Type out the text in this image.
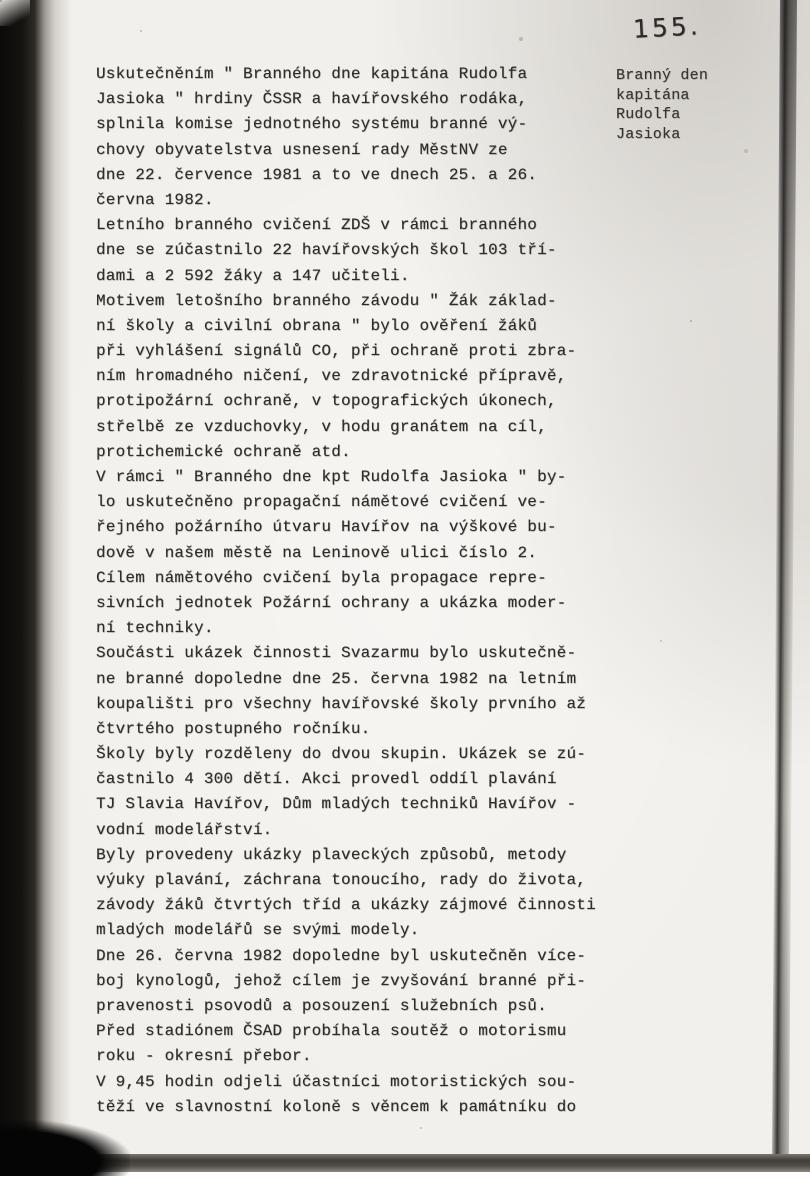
155.
Uskutečněním " Branného dne kapitána Rudolfa
Jasioka " hrdiny ČSSR a havířovského rodáka,
splnila komise jednotného systému branné vý-
chovy obyvatelstva usnesení rady MěstNV ze
dne 22. července 1981 a to ve dnech 25. a 26.
června 1982.
Letního branného cvičení ZDŠ v rámci branného
dne se zúčastnilo 22 havířovských škol 103 tří-
dami a 2 592 žáky a 147 učiteli.
Motivem letošního branného závodu " Žák základ-
ní školy a civilní obrana " bylo ověření žáků
při vyhlášení signálů CO, při ochraně proti zbra-
ním hromadného ničení, ve zdravotnické přípravě,
protipožární ochraně, v topografických úkonech,
střelbě ze vzduchovky, v hodu granátem na cíl,
protichemické ochraně atd.
V rámci " Branného dne kpt Rudolfa Jasioka " by-
lo uskutečněno propagační námětové cvičení ve-
řejného požárního útvaru Havířov na výškové bu-
dově v našem městě na Leninově ulici číslo 2.
Cílem námětového cvičení byla propagace repre-
sivních jednotek Požární ochrany a ukázka moder-
ní techniky.
Součásti ukázek činnosti Svazarmu bylo uskutečně-
ne branné dopoledne dne 25. června 1982 na letním
koupališti pro všechny havířovské školy prvního až
čtvrtého postupného ročníku.
Školy byly rozděleny do dvou skupin. Ukázek se zú-
častnilo 4 300 dětí. Akci provedl oddíl plavání
TJ Slavia Havířov, Dům mladých techniků Havířov -
vodní modelářství.
Byly provedeny ukázky plaveckých způsobů, metody
výuky plavání, záchrana tonoucího, rady do života,
závody žáků čtvrtých tříd a ukázky zájmové činnosti
mladých modelářů se svými modely.
Dne 26. června 1982 dopoledne byl uskutečněn více-
boj kynologů, jehož cílem je zvyšování branné při-
pravenosti psovodů a posouzení služebních psů.
Před stadiónem ČSAD probíhala soutěž o motorismu
roku - okresní přebor.
V 9,45 hodin odjeli účastníci motoristických sou-
těží ve slavnostní koloně s věncem k památníku do
Branný den
kapitána
Rudolfa
Jasioka
